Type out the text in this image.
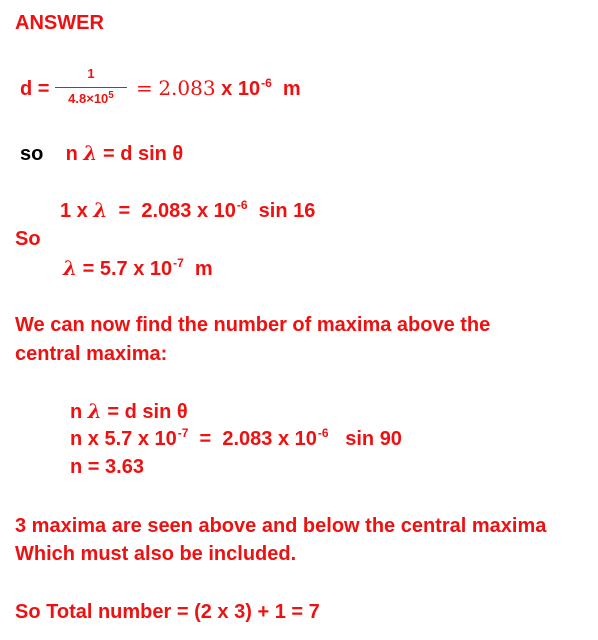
ANSWER
d =
1
$4.8\times 10^5$	= 2.083 x $10^{-6}$ m
so n λ = d sin θ
1 x λ = 2.083 x $10^{-6}$ sin 16
So
λ = 5.7 x $10^{-7}$ m
We can now find the number of maxima above the
central maxima:
n λ = d sin θ
n x 5.7 x $10^{-7} = 2.083$ x $10^{-6}$ sin 90
n = 3.63
3 maxima are seen above and below the central maxima
Which must also be included.
So Total number = (2 x 3) + 1 = 7
